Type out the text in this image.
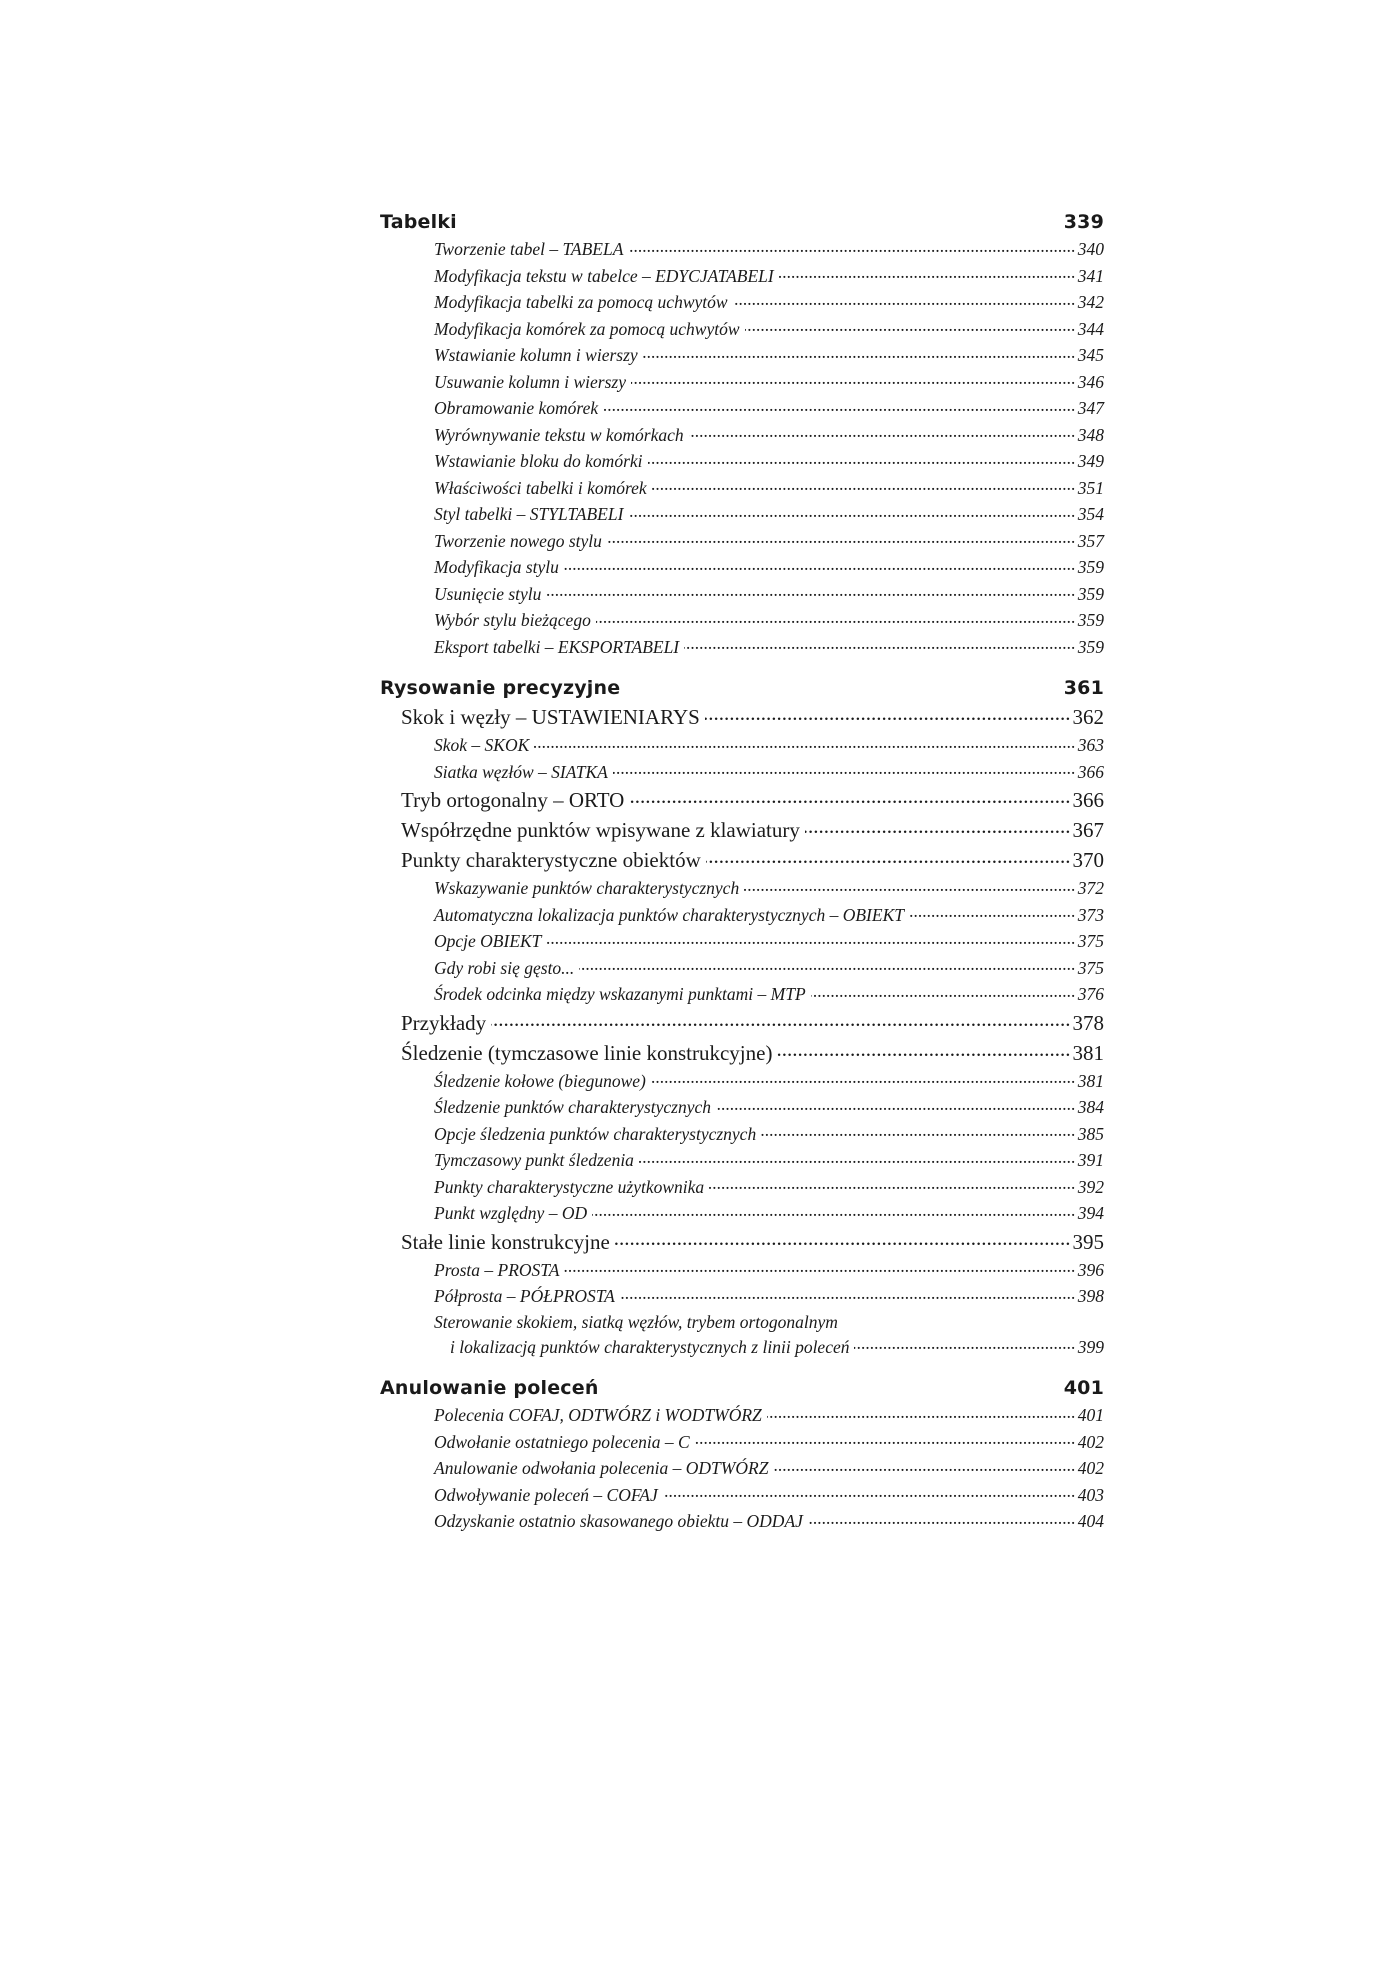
Tabelki	339
Tworzenie tabel – TABELA .....	340
Modyfikacja tekstu w tabelce – EDYCJATABELI .....	341
Modyfikacja tabelki za pomocą uchwytów .....	342
Modyfikacja komórek za pomocą uchwytów .....	344
Wstawianie kolumn i wierszy .....	345
Usuwanie kolumn i wierszy .....	346
Obramowanie komórek .....	347
Wyrównywanie tekstu w komórkach .....	348
Wstawianie bloku do komórki .....	349
Właściwości tabelki i komórek .....	351
Styl tabelki – STYLTABELI .....	354
Tworzenie nowego stylu .....	357
Modyfikacja stylu .....	359
Usunięcie stylu .....	359
Wybór stylu bieżącego .....	359
Eksport tabelki – EKSPORTABELI .....	359
Rysowanie precyzyjne	361
Skok i węzły – USTAWIENIARYS .....	362
Skok – SKOK .....	363
Siatka węzłów – SIATKA .....	366
Tryb ortogonalny – ORTO .....	366
Współrzędne punktów wpisywane z klawiatury .....	367
Punkty charakterystyczne obiektów .....	370
Wskazywanie punktów charakterystycznych .....	372
Automatyczna lokalizacja punktów charakterystycznych – OBIEKT .....	373
Opcje OBIEKT .....	375
Gdy robi się gęsto... .....	375
Środek odcinka między wskazanymi punktami – MTP .....	376
Przykłady .....	378
Śledzenie (tymczasowe linie konstrukcyjne) .....	381
Śledzenie kołowe (biegunowe) .....	381
Śledzenie punktów charakterystycznych .....	384
Opcje śledzenia punktów charakterystycznych .....	385
Tymczasowy punkt śledzenia .....	391
Punkty charakterystyczne użytkownika .....	392
Punkt względny – OD .....	394
Stałe linie konstrukcyjne .....	395
Prosta – PROSTA .....	396
Półprosta – PÓŁPROSTA .....	398
Sterowanie skokiem, siatką węzłów, trybem ortogonalnym
i lokalizacją punktów charakterystycznych z linii poleceń .....	399
Anulowanie poleceń	401
Polecenia COFAJ, ODTWÓRZ i WODTWÓRZ .....	401
Odwołanie ostatniego polecenia – C .....	402
Anulowanie odwołania polecenia – ODTWÓRZ .....	402
Odwoływanie poleceń – COFAJ .....	403
Odzyskanie ostatnio skasowanego obiektu – ODDAJ .....	404
